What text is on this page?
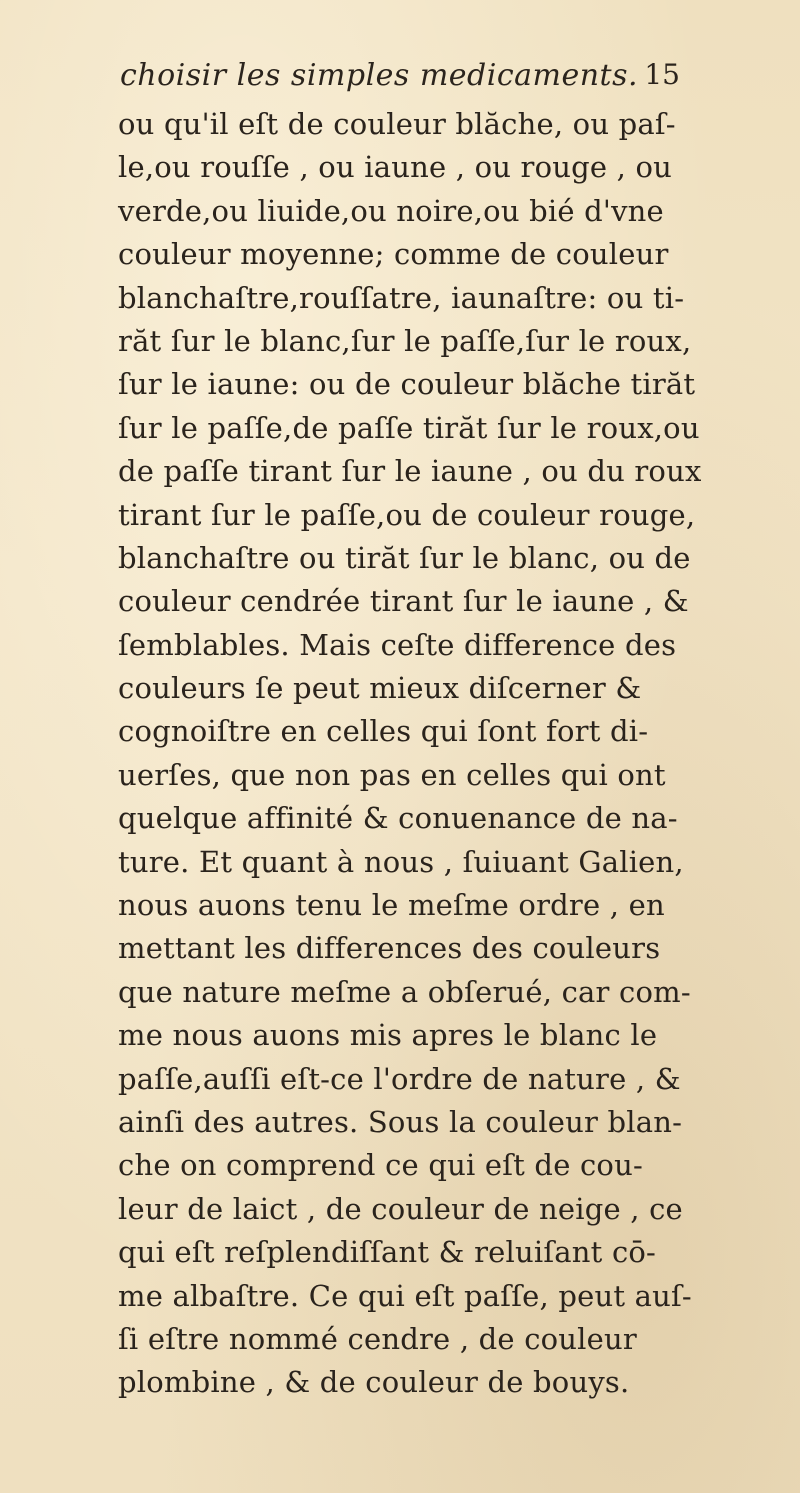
choisir les simples medicaments. 15
ou qu'il eſt de couleur blăche, ou paſ-
le,ou rouſſe , ou iaune , ou rouge , ou
verde,ou liuide,ou noire,ou bié d'vne
couleur moyenne; comme de couleur
blanchaſtre,rouſſatre, iaunaſtre: ou ti-
răt ſur le blanc,ſur le paſſe,ſur le roux,
ſur le iaune: ou de couleur blăche tirăt
ſur le paſſe,de paſſe tirăt ſur le roux,ou
de paſſe tirant ſur le iaune , ou du roux
tirant ſur le paſſe,ou de couleur rouge,
blanchaſtre ou tirăt ſur le blanc, ou de
couleur cendrée tirant ſur le iaune , &
ſemblables. Mais ceſte difference des
couleurs ſe peut mieux diſcerner &
cognoiſtre en celles qui ſont fort di-
uerſes, que non pas en celles qui ont
quelque affinité & conuenance de na-
ture. Et quant à nous , ſuiuant Galien,
nous auons tenu le meſme ordre , en
mettant les differences des couleurs
que nature meſme a obſerué, car com-
me nous auons mis apres le blanc le
paſſe,auſſi eſt-ce l'ordre de nature , &
ainſi des autres. Sous la couleur blan-
che on comprend ce qui eſt de cou-
leur de laict , de couleur de neige , ce
qui eſt reſplendiſſant & reluiſant cō-
me albaſtre. Ce qui eſt paſſe, peut auſ-
ſi eſtre nommé cendre , de couleur
plombine , & de couleur de bouys.
